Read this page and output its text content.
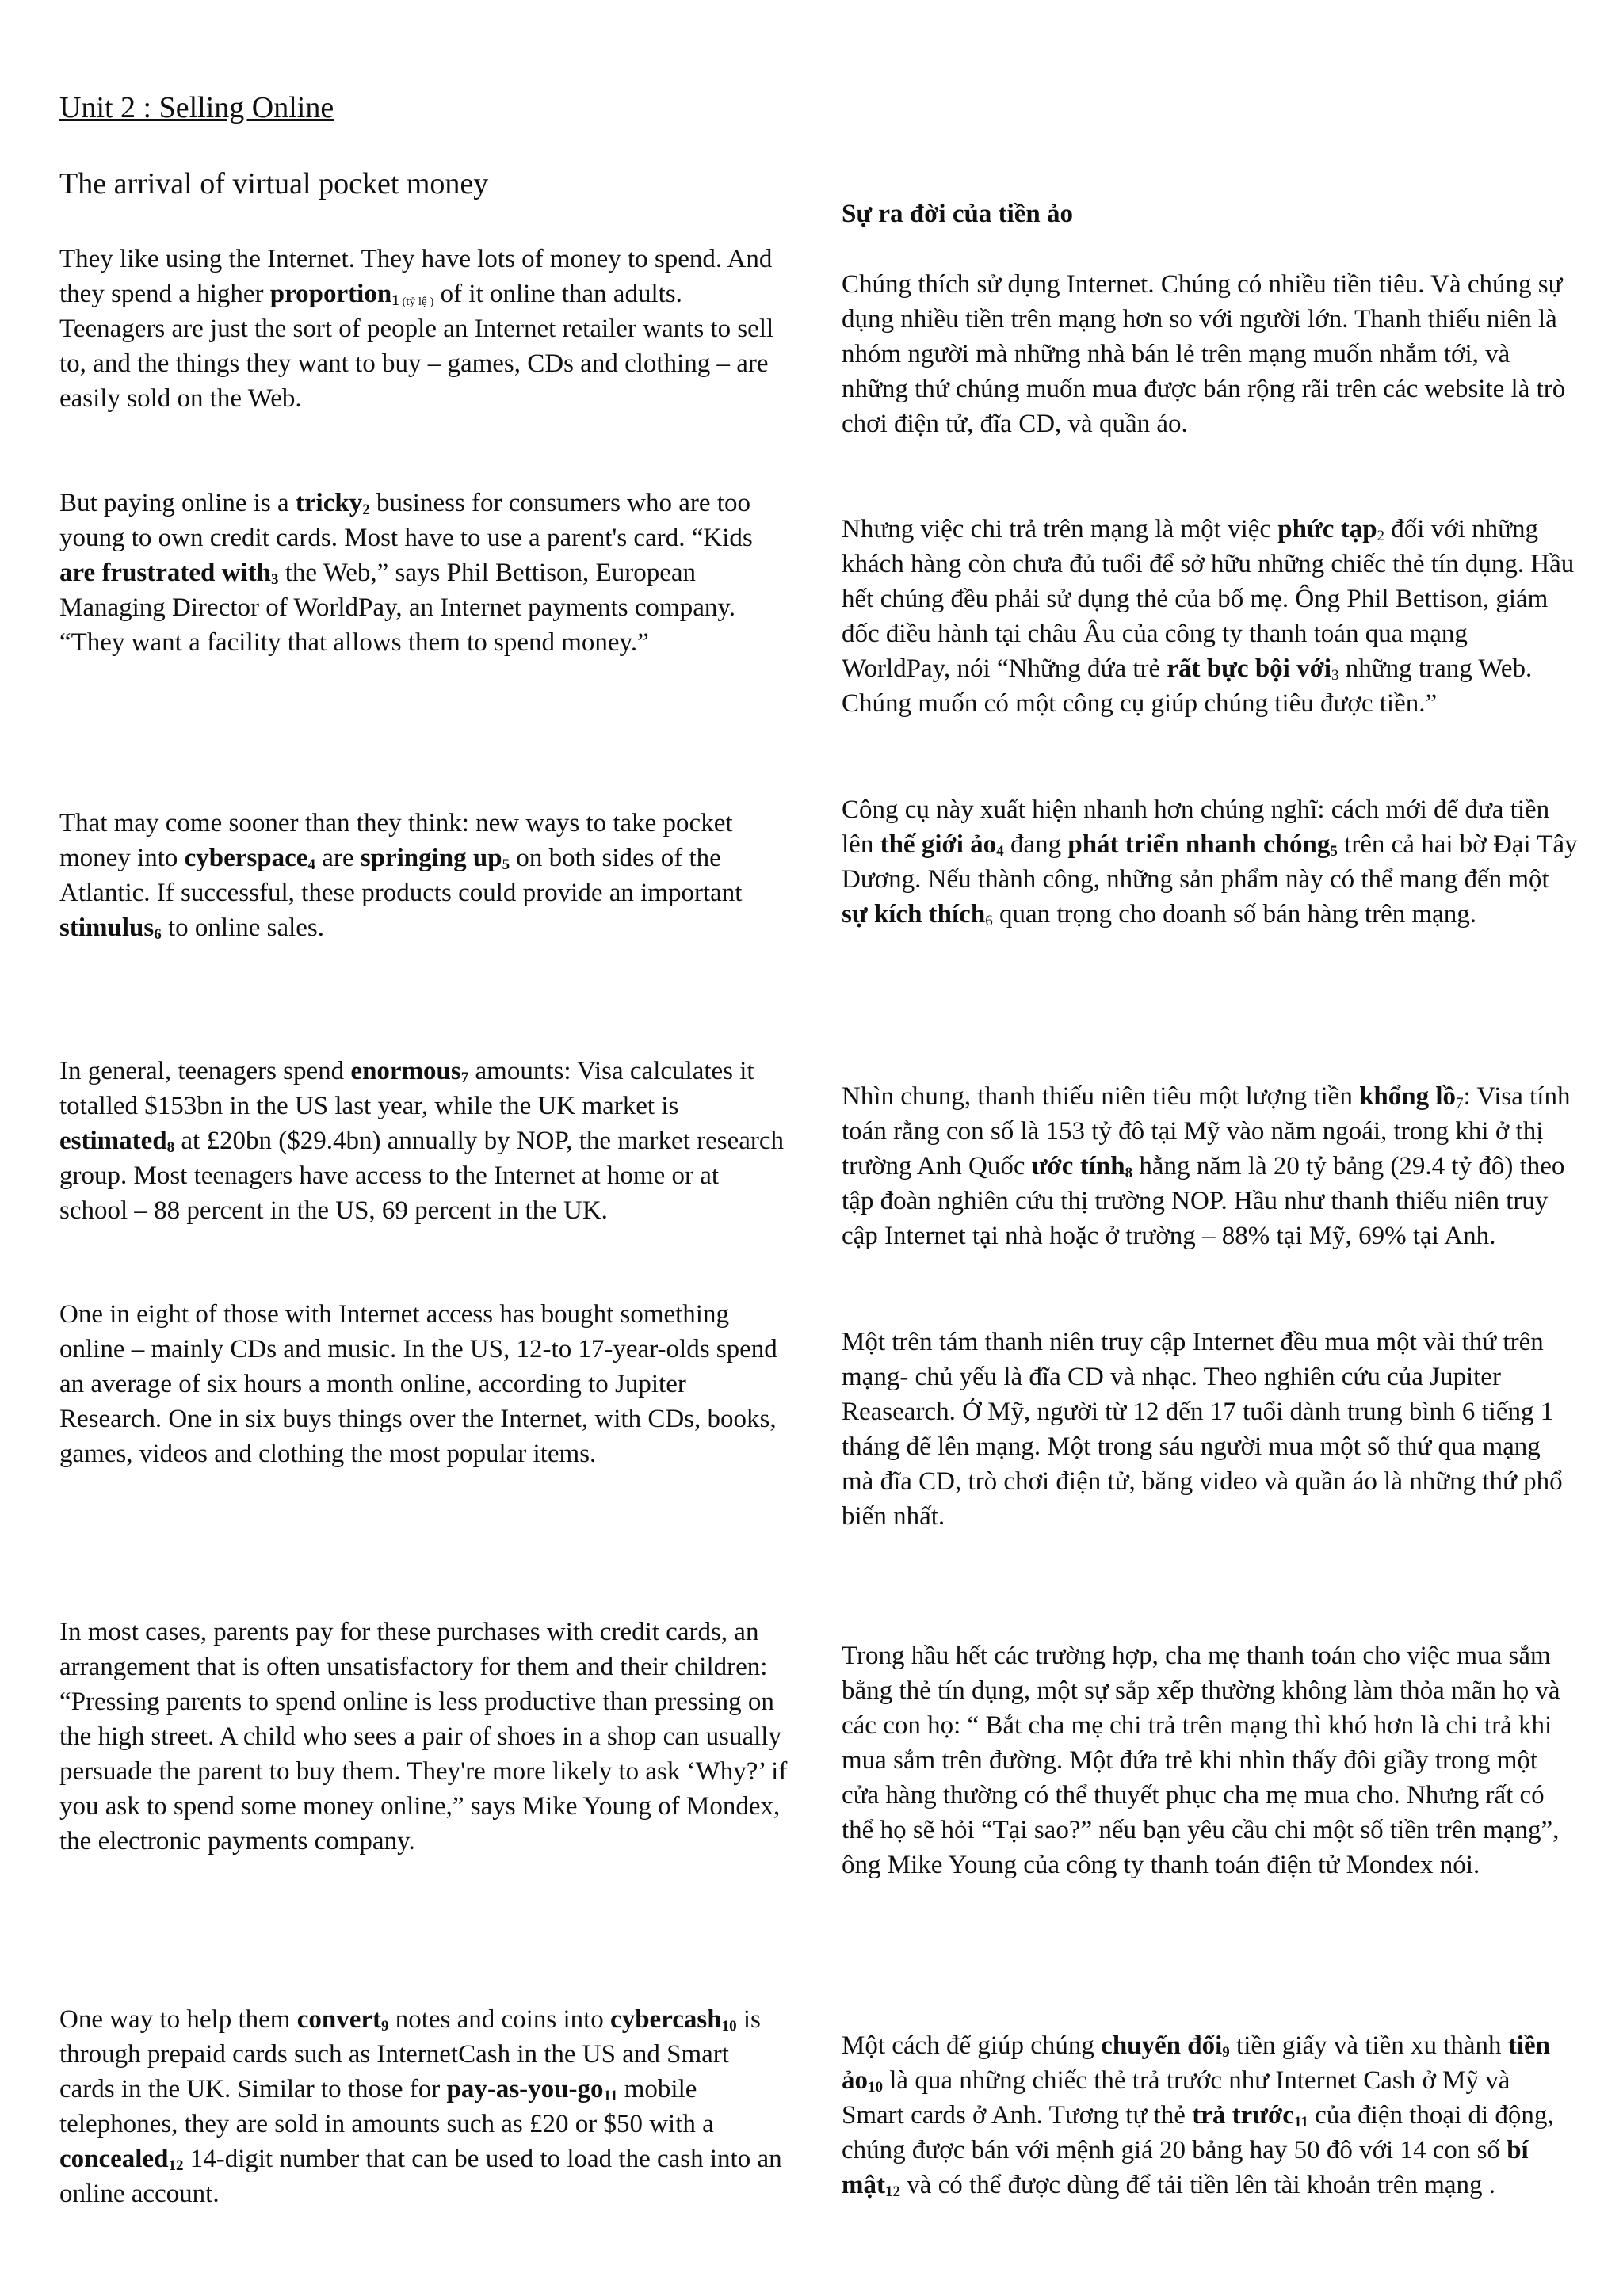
Unit 2 : Selling Online
The arrival of virtual pocket money
Sự ra đời của tiền ảo

They like using the Internet. They have lots of money to spend. And they spend a higher proportion$_1$ $_{(tỷ lệ )}$ of it online than adults. Teenagers are just the sort of people an Internet retailer wants to sell to, and the things they want to buy – games, CDs and clothing – are easily sold on the Web.

But paying online is a tricky$_2$ business for consumers who are too young to own credit cards. Most have to use a parent's card. “Kids are frustrated with$_3$ the Web,” says Phil Bettison, European Managing Director of WorldPay, an Internet payments company. “They want a facility that allows them to spend money.”

That may come sooner than they think: new ways to take pocket money into cyberspace$_4$ are springing $up_5$ on both sides of the Atlantic. If successful, these products could provide an important stimulus$_6$ to online sales.

In general, teenagers spend enormous$_7$ amounts: Visa calculates it totalled $153bn in the US last year, while the UK market is estimated$_8$ at £20bn ($29.4bn) annually by NOP, the market research group. Most teenagers have access to the Internet at home or at school – 88 percent in the US, 69 percent in the UK.

One in eight of those with Internet access has bought something online – mainly CDs and music. In the US, 12-to 17-year-olds spend an average of six hours a month online, according to Jupiter Research. One in six buys things over the Internet, with CDs, books, games, videos and clothing the most popular items.

In most cases, parents pay for these purchases with credit cards, an arrangement that is often unsatisfactory for them and their children: “Pressing parents to spend online is less productive than pressing on the high street. A child who sees a pair of shoes in a shop can usually persuade the parent to buy them. They're more likely to ask ‘Why?’ if you ask to spend some money online,” says Mike Young of Mondex, the electronic payments company.

One way to help them convert$_9$ notes and coins into cybercash$_{10}$ is through prepaid cards such as InternetCash in the US and Smart cards in the UK. Similar to those for pay-$as-you-go_{11}$ mobile telephones, they are sold in amounts such as £20 or $50 with a concealed$_{12}$ 14-digit number that can be used to load the cash into an online account.

Chúng thích sử dụng Internet. Chúng có nhiều tiền tiêu. Và chúng sự dụng nhiều tiền trên mạng hơn so với người lớn. Thanh thiếu niên là nhóm người mà những nhà bán lẻ trên mạng muốn nhắm tới, và những thứ chúng muốn mua được bán rộng rãi trên các website là trò chơi điện tử, đĩa CD, và quần áo.

Nhưng việc chi trả trên mạng là một việc phức tạp$_2$ đối với những khách hàng còn chưa đủ tuổi để sở hữu những chiếc thẻ tín dụng. Hầu hết chúng đều phải sử dụng thẻ của bố mẹ. Ông Phil Bettison, giám đốc điều hành tại châu Âu của công ty thanh toán qua mạng WorldPay, nói “Những đứa trẻ rất bực bội với$_3$ những trang Web. Chúng muốn có một công cụ giúp chúng tiêu được tiền.”

Công cụ này xuất hiện nhanh hơn chúng nghĩ: cách mới để đưa tiền lên thế giới ảo$_4$ đang phát triển nhanh chóng$_5$ trên cả hai bờ Đại Tây Dương. Nếu thành công, những sản phẩm này có thể mang đến một sự kích thích$_6$ quan trọng cho doanh số bán hàng trên mạng.

Nhìn chung, thanh thiếu niên tiêu một lượng tiền khổng lồ$_7$: Visa tính toán rằng con số là 153 tỷ đô tại Mỹ vào năm ngoái, trong khi ở thị trường Anh Quốc ước tính$_8$ hằng năm là 20 tỷ bảng (29.4 tỷ đô) theo tập đoàn nghiên cứu thị trường NOP. Hầu như thanh thiếu niên truy cập Internet tại nhà hoặc ở trường – 88% tại Mỹ, 69% tại Anh.

Một trên tám thanh niên truy cập Internet đều mua một vài thứ trên mạng- chủ yếu là đĩa CD và nhạc. Theo nghiên cứu của Jupiter Reasearch. Ở Mỹ, người từ 12 đến 17 tuổi dành trung bình 6 tiếng 1 tháng để lên mạng. Một trong sáu người mua một số thứ qua mạng mà đĩa CD, trò chơi điện tử, băng video và quần áo là những thứ phổ biến nhất.

Trong hầu hết các trường hợp, cha mẹ thanh toán cho việc mua sắm bằng thẻ tín dụng, một sự sắp xếp thường không làm thỏa mãn họ và các con họ: “ Bắt cha mẹ chi trả trên mạng thì khó hơn là chi trả khi mua sắm trên đường. Một đứa trẻ khi nhìn thấy đôi giầy trong một cửa hàng thường có thể thuyết phục cha mẹ mua cho. Nhưng rất có thể họ sẽ hỏi “Tại sao?” nếu bạn yêu cầu chi một số tiền trên mạng”, ông Mike Young của công ty thanh toán điện tử Mondex nói.

Một cách để giúp chúng chuyển đổi$_9$ tiền giấy và tiền xu thành tiền ảo$_{10}$ là qua những chiếc thẻ trả trước như Internet Cash ở Mỹ và Smart cards ở Anh. Tương tự thẻ trả trước$_{11}$ của điện thoại di động, chúng được bán với mệnh giá 20 bảng hay 50 đô với 14 con số bí mật$_{12}$ và có thể được dùng để tải tiền lên tài khoản trên mạng .
